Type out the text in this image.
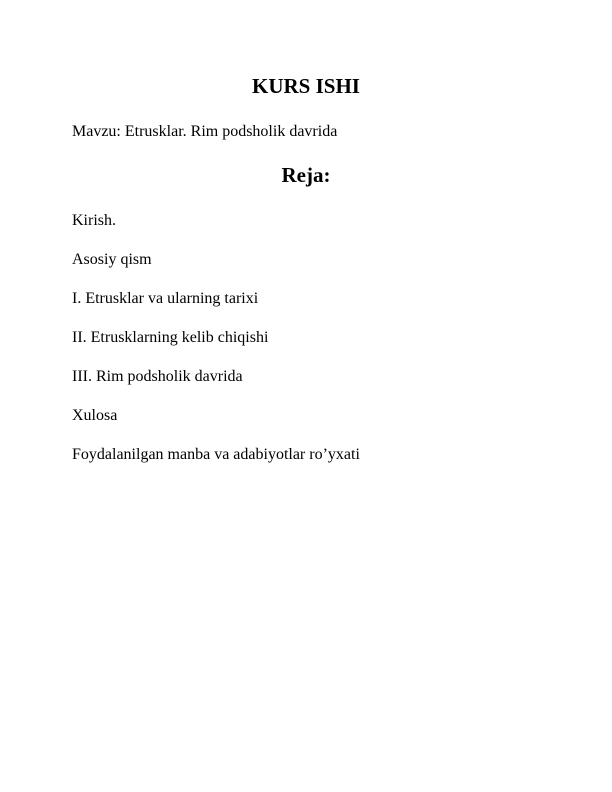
KURS ISHI
Mavzu: Etrusklar. Rim podsholik davrida
Reja:
Kirish.
Asosiy qism
I. Etrusklar va ularning tarixi
II. Etrusklarning kelib chiqishi
III. Rim podsholik davrida
Xulosa
Foydalanilgan manba va adabiyotlar ro’yxati
